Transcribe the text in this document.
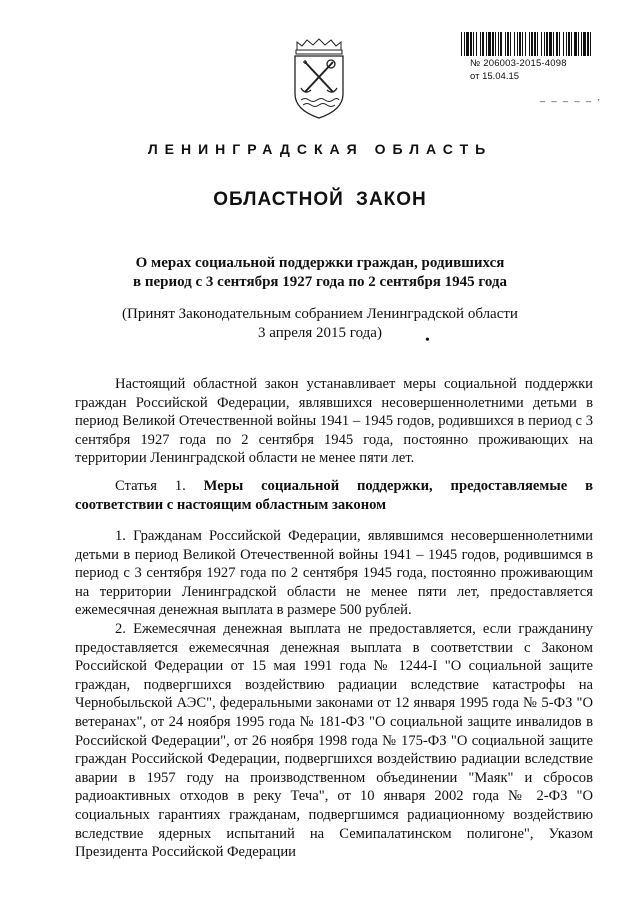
№ 206003-2015-4098
от 15.04.15
_ _ _ _ _ ,
ЛЕНИНГРАДСКАЯ ОБЛАСТЬ
ОБЛАСТНОЙ ЗАКОН
О мерах социальной поддержки граждан, родившихся
в период с 3 сентября 1927 года по 2 сентября 1945 года
(Принят Законодательным собранием Ленинградской области
3 апреля 2015 года)	•

Настоящий областной закон устанавливает меры социальной поддержки граждан Российской Федерации, являвшихся несовершеннолетними детьми в период Великой Отечественной войны 1941 – 1945 годов, родившихся в период с 3 сентября 1927 года по 2 сентября 1945 года, постоянно проживающих на территории Ленинградской области не менее пяти лет.

Статья 1. Меры социальной поддержки, предоставляемые в соответствии с настоящим областным законом

1. Гражданам Российской Федерации, являвшимся несовершеннолетними детьми в период Великой Отечественной войны 1941 – 1945 годов, родившимся в период с 3 сентября 1927 года по 2 сентября 1945 года, постоянно проживающим на территории Ленинградской области не менее пяти лет, предоставляется ежемесячная денежная выплата в размере 500 рублей.

2. Ежемесячная денежная выплата не предоставляется, если гражданину предоставляется ежемесячная денежная выплата в соответствии с Законом Российской Федерации от 15 мая 1991 года № 1244-I "О социальной защите граждан, подвергшихся воздействию радиации вследствие катастрофы на Чернобыльской АЭС", федеральными законами от 12 января 1995 года № 5-ФЗ "О ветеранах", от 24 ноября 1995 года № 181-ФЗ "О социальной защите инвалидов в Российской Федерации", от 26 ноября 1998 года № 175-ФЗ "О социальной защите граждан Российской Федерации, подвергшихся воздействию радиации вследствие аварии в 1957 году на производственном объединении "Маяк" и сбросов радиоактивных отходов в реку Теча", от 10 января 2002 года № 2-ФЗ "О социальных гарантиях гражданам, подвергшимся радиационному воздействию вследствие ядерных испытаний на Семипалатинском полигоне", Указом Президента Российской Федерации
